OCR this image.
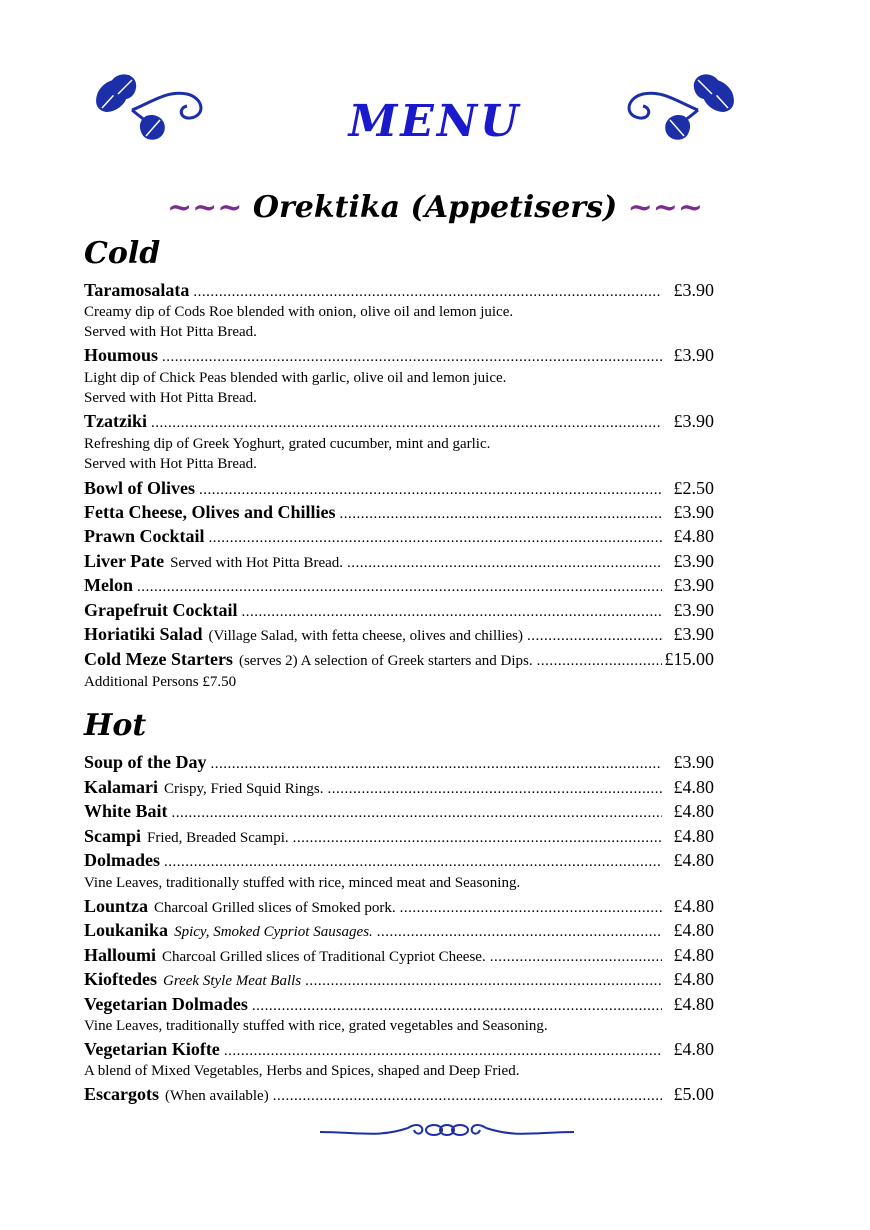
MENU
~~~ Orektika (Appetisers) ~~~
Cold
Taramosalata .....	£3.90
Creamy dip of Cods Roe blended with onion, olive oil and lemon juice.
Served with Hot Pitta Bread.
Houmous .....	£3.90
Light dip of Chick Peas blended with garlic, olive oil and lemon juice.
Served with Hot Pitta Bread.
Tzatziki .....	£3.90
Refreshing dip of Greek Yoghurt, grated cucumber, mint and garlic.
Served with Hot Pitta Bread.
Bowl of Olives .....	£2.50
Fetta Cheese, Olives and Chillies .....	£3.90
Prawn Cocktail .....	£4.80
Liver Pate Served with Hot Pitta Bread. .....	£3.90
Melon .....	£3.90
Grapefruit Cocktail .....	£3.90
Horiatiki Salad (Village Salad, with fetta cheese, olives and chillies) .....	£3.90
Cold Meze Starters (serves 2) A selection of Greek starters and Dips. .....	£15.00
Additional Persons £7.50
Hot
Soup of the Day .....	£3.90
Kalamari Crispy, Fried Squid Rings. .....	£4.80
White Bait .....	£4.80
Scampi Fried, Breaded Scampi. .....	£4.80
Dolmades .....	£4.80
Vine Leaves, traditionally stuffed with rice, minced meat and Seasoning.
Lountza Charcoal Grilled slices of Smoked pork. .....	£4.80
Loukanika Spicy, Smoked Cypriot Sausages. .....	£4.80
Halloumi Charcoal Grilled slices of Traditional Cypriot Cheese. .....	£4.80
Kioftedes Greek Style Meat Balls .....	£4.80
Vegetarian Dolmades .....	£4.80
Vine Leaves, traditionally stuffed with rice, grated vegetables and Seasoning.
Vegetarian Kiofte .....	£4.80
A blend of Mixed Vegetables, Herbs and Spices, shaped and Deep Fried.
Escargots (When available) .....	£5.00
